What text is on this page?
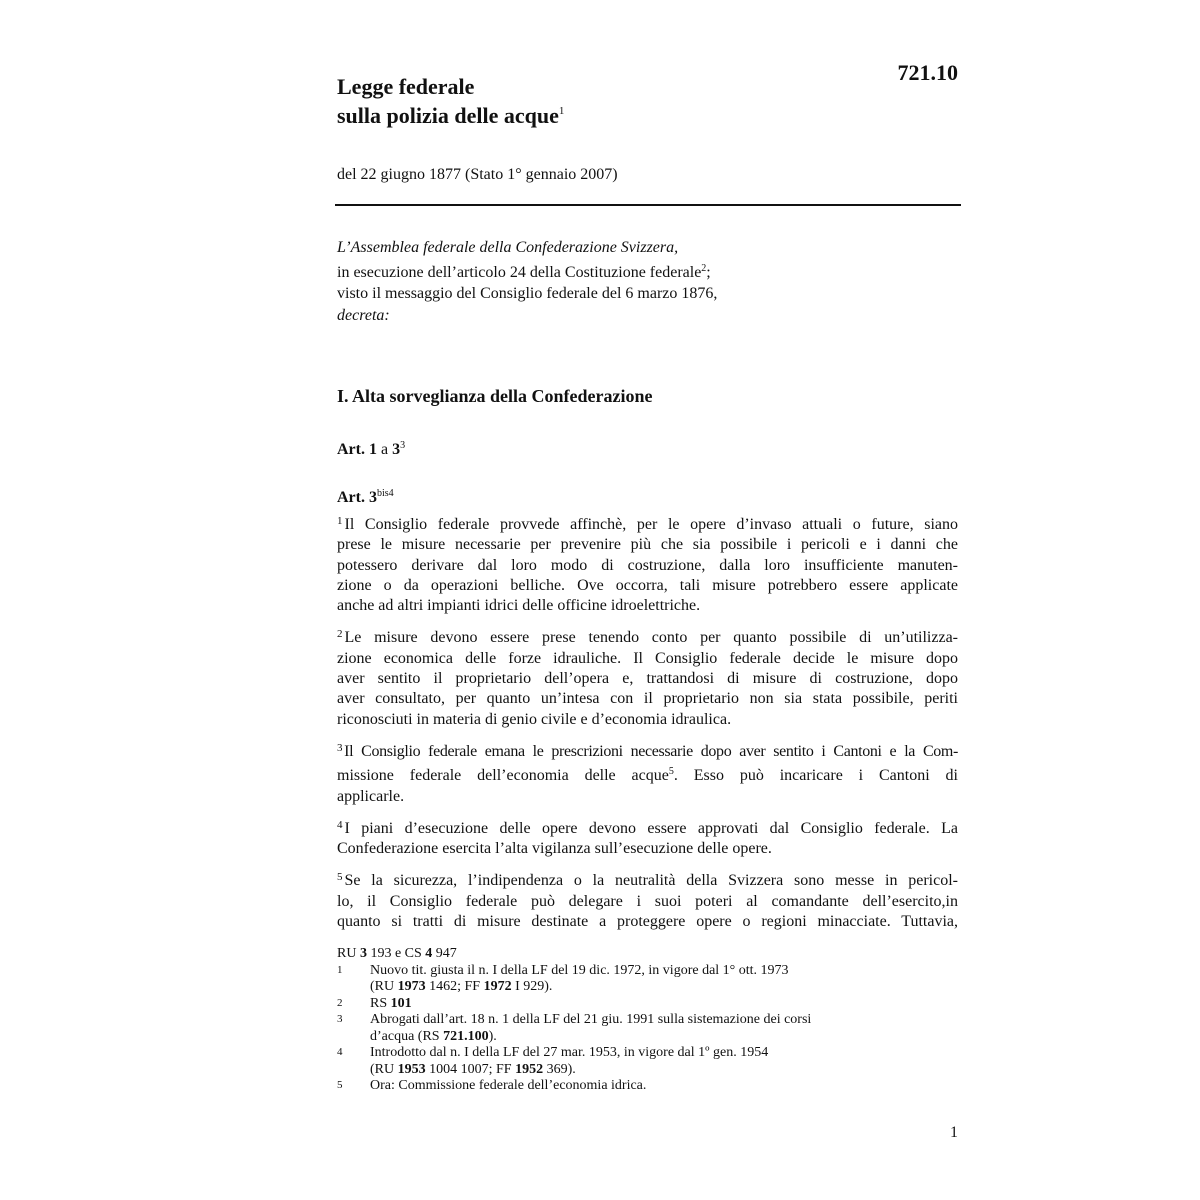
721.10
Legge federale
sulla polizia delle acque$^1$
del 22 giugno 1877 (Stato 1° gennaio 2007)
L’Assemblea federale della Confederazione Svizzera,
in esecuzione dell’articolo 24 della Costituzione federale$^2$;
visto il messaggio del Consiglio federale del 6 marzo 1876,
decreta:
I. Alta sorveglianza della Confederazione
Art. 1 a $3^3$
Art. $3^{bis4}$
$^1$ Il Consiglio federale provvede affinchè, per le opere d’invaso attuali o future, siano
prese le misure necessarie per prevenire più che sia possibile i pericoli e i danni che
potessero derivare dal loro modo di costruzione, dalla loro insufficiente manuten-
zione o da operazioni belliche. Ove occorra, tali misure potrebbero essere applicate
anche ad altri impianti idrici delle officine idroelettriche.
$^2$ Le misure devono essere prese tenendo conto per quanto possibile di un’utilizza-
zione economica delle forze idrauliche. Il Consiglio federale decide le misure dopo
aver sentito il proprietario dell’opera e, trattandosi di misure di costruzione, dopo
aver consultato, per quanto un’intesa con il proprietario non sia stata possibile, periti
riconosciuti in materia di genio civile e d’economia idraulica.
$^3$ Il Consiglio federale emana le prescrizioni necessarie dopo aver sentito i Cantoni e la Com-
missione federale dell’economia delle acque$^5$. Esso può incaricare i Cantoni di
applicarle.
$^4$ I piani d’esecuzione delle opere devono essere approvati dal Consiglio federale. La
Confederazione esercita l’alta vigilanza sull’esecuzione delle opere.
$^5$ Se la sicurezza, l’indipendenza o la neutralità della Svizzera sono messe in pericol-
lo, il Consiglio federale può delegare i suoi poteri al comandante dell’esercito,in
quanto si tratti di misure destinate a proteggere opere o regioni minacciate. Tuttavia,
RU 3 193 e CS 4 947
1	Nuovo tit. giusta il n. I della LF del 19 dic. 1972, in vigore dal 1° ott. 1973
(RU 1973 1462; FF 1972 I 929).
2	RS 101
3	Abrogati dall’art. 18 n. 1 della LF del 21 giu. 1991 sulla sistemazione dei corsi
d’acqua (RS 721.100).
4	Introdotto dal n. I della LF del 27 mar. 1953, in vigore dal 1º gen. 1954
(RU 1953 1004 1007; FF 1952 369).
5	Ora: Commissione federale dell’economia idrica.
1
